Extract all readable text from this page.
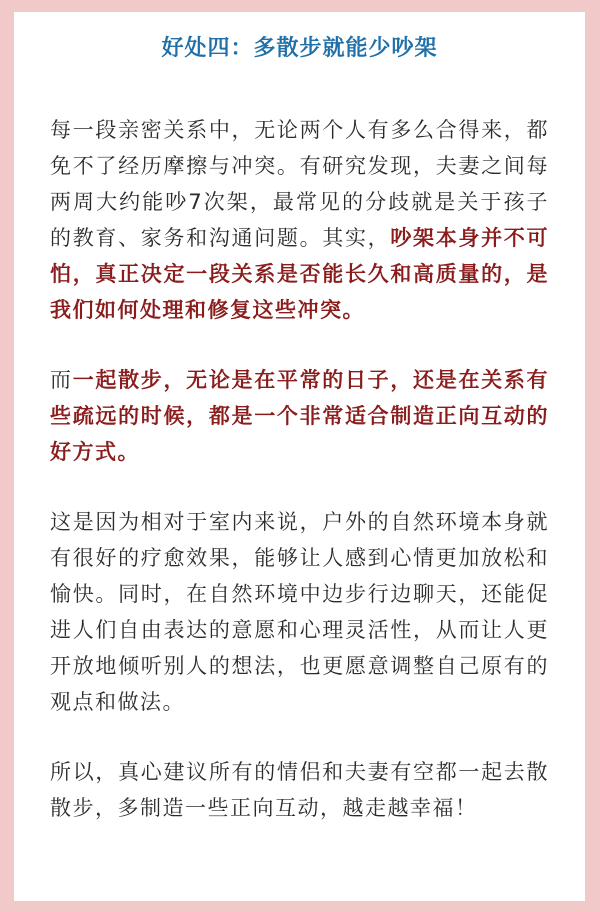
好处四：多散步就能少吵架

每一段亲密关系中，无论两个人有多么合得来，都免不了经历摩擦与冲突。有研究发现，夫妻之间每两周大约能吵7次架，最常见的分歧就是关于孩子的教育、家务和沟通问题。其实，吵架本身并不可怕，真正决定一段关系是否能长久和高质量的，是我们如何处理和修复这些冲突。

而一起散步，无论是在平常的日子，还是在关系有些疏远的时候，都是一个非常适合制造正向互动的好方式。

这是因为相对于室内来说，户外的自然环境本身就有很好的疗愈效果，能够让人感到心情更加放松和愉快。同时，在自然环境中边步行边聊天，还能促进人们自由表达的意愿和心理灵活性，从而让人更开放地倾听别人的想法，也更愿意调整自己原有的观点和做法。

所以，真心建议所有的情侣和夫妻有空都一起去散散步，多制造一些正向互动，越走越幸福！
